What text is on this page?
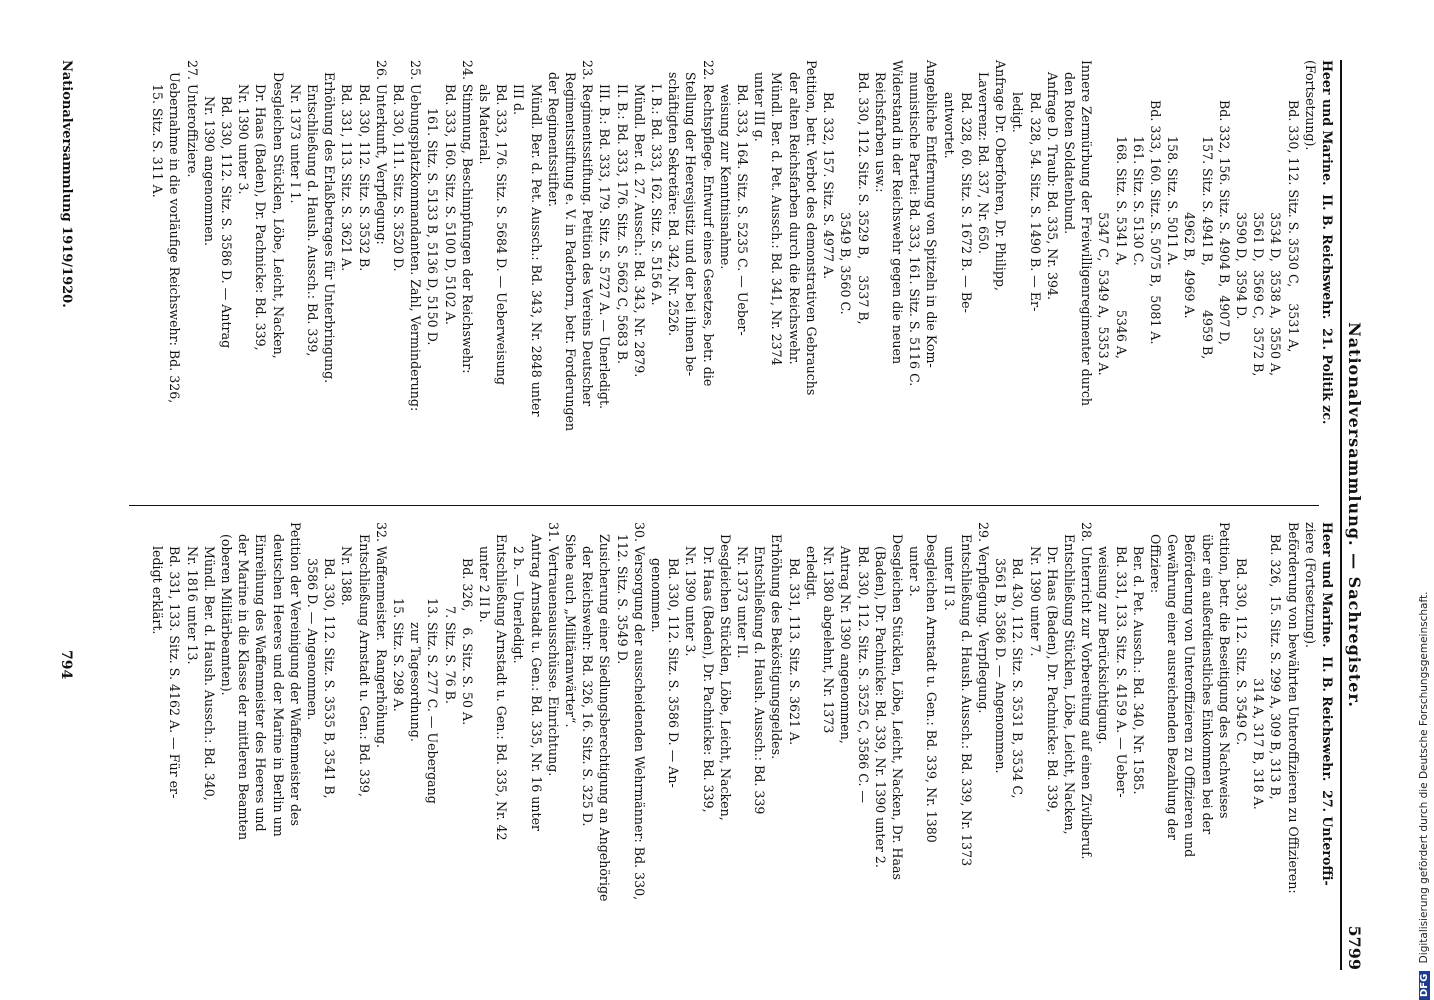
Nationalversammlung. — Sachregister.
5799

Heer und Marine.  II. B. Reichswehr.  21. Politik zc.

(Fortsetzung).

Bd. 330, 112. Sitz. S. 3530 C,    3531 A,

3534 D,  3538 A,  3550 A,

3561 D,  3569 C,  3572 B,

3590 D,  3594 D.

Bd. 332, 156. Sitz. S. 4904 B,  4907 D,

157. Sitz. S. 4941 B,           4959 B,

4962 B,  4969 A.

158. Sitz. S. 5011 A.

Bd. 333, 160. Sitz. S. 5075 B,  5081 A.

161. Sitz. S. 5130 C.

168. Sitz. S. 5341 A,           5346 A,

5347 C,  5349 A,  5353 A.

Innere Zermürbung der Freiwilligenregimenter durch

den Roten Soldatenbund.

Anfrage D. Traub: Bd. 335, Nr. 394.

Bd. 328, 54. Sitz. S. 1490 B. — Er-

ledigt.

Anfrage Dr. Oberfohren, Dr. Philipp,

Laverrenz: Bd. 337, Nr. 650.

Bd. 328, 60. Sitz. S. 1672 B. — Be-

antwortet.

Angebliche Entfernung von Spitzeln in die Kom-

munistische Partei: Bd. 333, 161. Sitz. S. 5116 C.

Widerstand in der Reichswehr gegen die neuen

Reichsfarben usw.:

Bd. 330, 112. Sitz. S. 3529 B,    3537 B,

3549 B, 3560 C.

Bd. 332, 157. Sitz. S. 4977 A.

Petition, betr. Verbot des demonstrativen Gebrauchs

der alten Reichsfarben durch die Reichswehr.

Mündl. Ber. d. Pet. Aussch.: Bd. 341, Nr. 2374

unter III g.

Bd. 333, 164. Sitz. S. 5235 C. — Ueber-

weisung zur Kenntnisnahme.

22. Rechtspflege. Entwurf eines Gesetzes, betr. die

Stellung der Heeresjustiz und der bei ihnen be-

schäftigten Sekretäre: Bd. 342, Nr. 2526.

I. B.: Bd. 333, 162. Sitz. S. 5156 A.

Mündl. Ber. d. 27. Aussch.: Bd. 343, Nr. 2879.

II. B.: Bd. 333, 176. Sitz. S. 5662 C, 5683 B.

III. B.: Bd. 333, 179. Sitz. S. 5727 A. — Unerledigt.

23. Regimentsstiftung. Petition des Vereins Deutscher

Regimentsstiftung e. V. in Paderborn, betr. Forderungen

der Regimentsstifter.

Mündl. Ber. d. Pet. Aussch.: Bd. 343, Nr. 2848 unter

III d.

Bd. 333, 176. Sitz. S. 5684 D. — Ueberweisung

als Material.

24. Stimmung, Beschimpfungen der Reichswehr:

Bd. 333, 160. Sitz. S. 5100 D, 5102 A.

161. Sitz. S. 5133 B, 5136 D, 5150 D.

25. Uebungsplatzkommandanten. Zahl, Verminderung:

Bd. 330, 111. Sitz. S. 3520 D.

26. Unterkunft, Verpflegung:

Bd. 330, 112. Sitz. S. 3532 B.

Bd. 331, 113. Sitz. S. 3621 A.

Erhöhung des Erlaßbetrages für Unterbringung.

Entschließung d. Haush. Aussch.: Bd. 339,

Nr. 1373 unter I 1.

Desgleichen Stücklen, Löbe, Leicht, Nacken,

Dr. Haas (Baden), Dr. Pachnicke: Bd. 339,

Nr. 1390 unter 3.

Bd. 330, 112. Sitz. S. 3586 D. — Antrag

Nr. 1390 angenommen.

27. Unteroffiziere.

Uebernahme in die vorläufige Reichswehr: Bd. 326,

15. Sitz. S. 311 A.

Heer und Marine.  II. B. Reichswehr.  27. Unteroffi-

ziere (Fortsetzung).

Beförderung von bewährten Unteroffizieren zu Offizieren:

Bd. 326,  15. Sitz. S. 299 A, 309 B, 313 B,

314 A, 317 B, 318 A.

Bd. 330, 112. Sitz. S. 3549 C.

Petition, betr. die Beseitigung des Nachweises

über ein außerdienstliches Einkommen bei der

Beförderung von Unteroffizieren zu Offizieren und

Gewährung einer ausreichenden Bezahlung der

Offiziere:

Ber. d. Pet. Aussch.: Bd. 340, Nr. 1585.

Bd. 331, 133. Sitz. S. 4159 A. — Ueber-

weisung zur Berücksichtigung.

28. Unterricht zur Vorbereitung auf einen Zivilberuf.

Entschließung Stücklen, Löbe, Leicht, Nacken,

Dr. Haas (Baden), Dr. Pachnicke: Bd. 339,

Nr. 1390 unter 7.

Bd. 430, 112. Sitz. S. 3531 B, 3534 C,

3561 B, 3586 D. — Angenommen.

29. Verpflegung. Verpflegung.

Entschließung d. Haush. Aussch.: Bd. 339, Nr. 1373

unter II 3.

Desgleichen Arnstadt u. Gen.: Bd. 339, Nr. 1380

unter 3.

Desgleichen Stücklen, Löbe, Leicht, Nacken, Dr. Haas

(Baden), Dr. Pachnicke: Bd. 339, Nr. 1390 unter 2.

Bd. 330, 112. Sitz. S. 3525 C, 3586 C. —

Antrag Nr. 1390 angenommen,

Nr. 1380 abgelehnt, Nr. 1373

erledigt.

Bd. 331, 113. Sitz. S. 3621 A.

Erhöhung des Beköstigungsgeldes.

Entschließung d. Haush. Aussch.: Bd. 339

Nr. 1373 unter II.

Desgleichen Stücklen, Löbe, Leicht, Nacken,

Dr. Haas (Baden), Dr. Pachnicke: Bd. 339,

Nr. 1390 unter 3.

Bd. 330, 112. Sitz. S. 3586 D. — An-

genommen.

30. Versorgung der ausscheidenden Wehrmänner: Bd. 330,

112. Sitz. S. 3549 D.

Zusicherung einer Siedlungsberechtigung an Angehörige

der Reichswehr: Bd. 326, 16. Sitz. S. 325 D.

Siehe auch „Militäranwärter“.

31. Vertrauensausschüsse. Einrichtung.

Antrag Arnstadt u. Gen.: Bd. 335, Nr. 16 unter

2 b. — Unerledigt.

Entschließung Arnstadt u. Gen.: Bd. 335, Nr. 42

unter 2 II b.

Bd. 326,    6. Sitz. S. 50 A.

7. Sitz. S. 76 B.

13. Sitz. S. 277 C. — Uebergang

zur Tagesordnung.

15. Sitz. S. 298 A.

32. Waffenmeister.  Rangerhöhung.

Entschließung Arnstadt u. Gen.: Bd. 339,

Nr. 1388.

Bd. 330, 112. Sitz. S. 3535 B, 3541 B,

3586 D. — Angenommen.

Petition der Vereinigung der Waffenmeister des

deutschen Heeres und der Marine in Berlin um

Einreihung des Waffenmeister des Heeres und

der Marine in die Klasse der mittleren Beamten

(oberen Militärbeamten).

Mündl. Ber. d. Haush. Aussch.: Bd. 340,

Nr. 1816 unter 13.

Bd. 331, 133. Sitz. S. 4162 A. — Für er-

ledigt erklärt.

Nationalversammlung 1919/1920.
794
DFG Digitalisierung gefördert durch die Deutsche Forschungsgemeinschaft.
